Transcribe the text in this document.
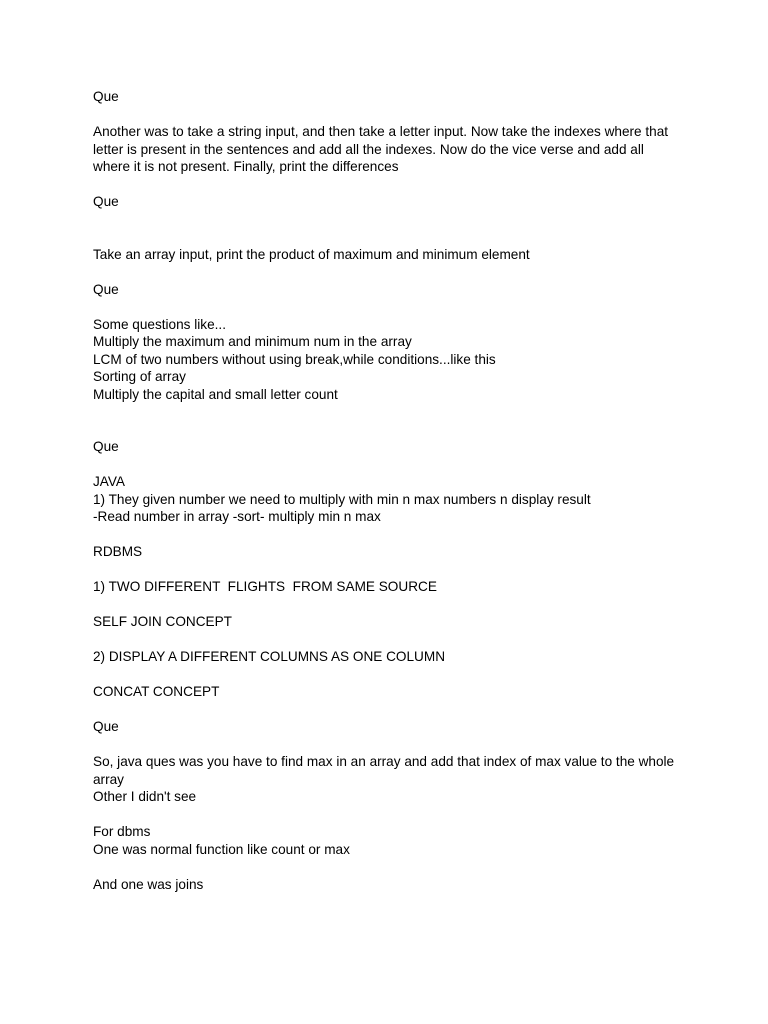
Que

Another was to take a string input, and then take a letter input. Now take the indexes where that letter is present in the sentences and add all the indexes. Now do the vice verse and add all where it is not present. Finally, print the differences

Que

Take an array input, print the product of maximum and minimum element

Que

Some questions like...

Multiply the maximum and minimum num in the array

LCM of two numbers without using break,while conditions...like this

Sorting of array

Multiply the capital and small letter count

Que

JAVA

1) They given number we need to multiply with min n max numbers n display result

-Read number in array -sort- multiply min n max

RDBMS

1) TWO DIFFERENT  FLIGHTS  FROM SAME SOURCE

SELF JOIN CONCEPT

2) DISPLAY A DIFFERENT COLUMNS AS ONE COLUMN

CONCAT CONCEPT

Que

So, java ques was you have to find max in an array and add that index of max value to the whole array

Other I didn't see

For dbms

One was normal function like count or max

And one was joins
